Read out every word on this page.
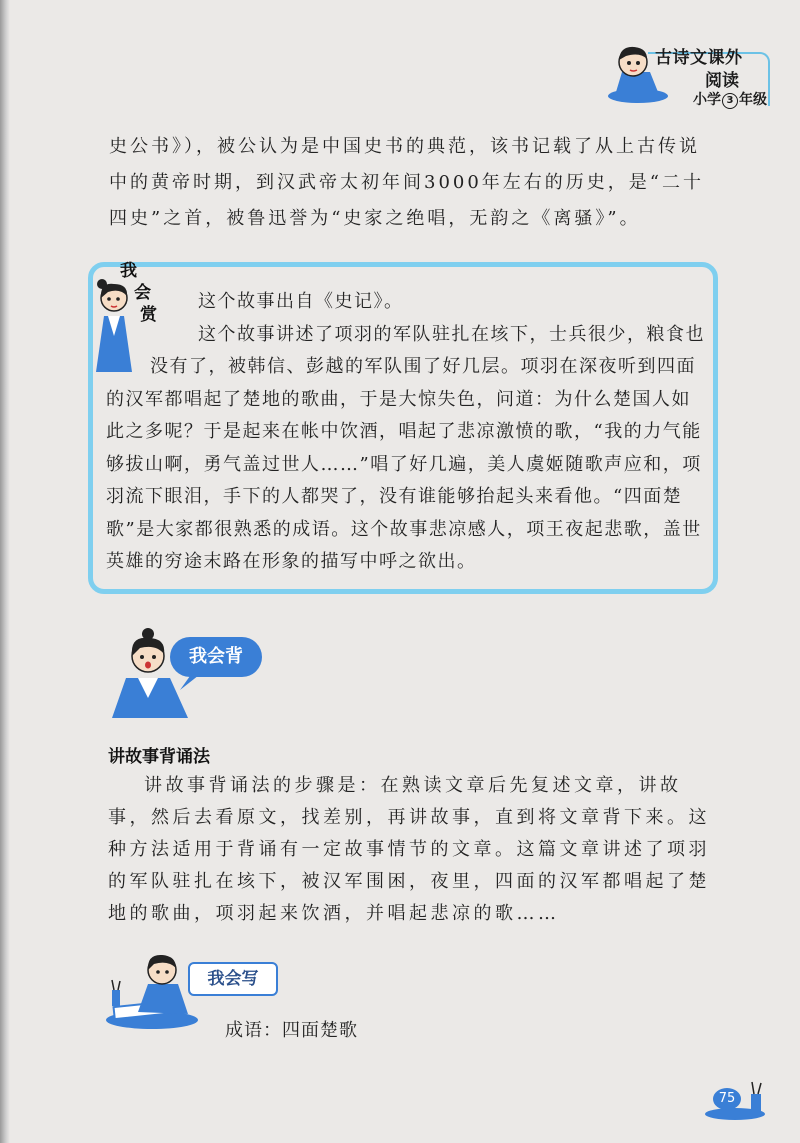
古诗文课外
阅读
小学 3 年级

史公书》），被公认为是中国史书的典范，该书记载了从上古传说中的黄帝时期，到汉武帝太初年间3000年左右的历史，是“二十四史”之首，被鲁迅誉为“史家之绝唱，无韵之《离骚》”。

我
会
赏

这个故事出自《史记》。

这个故事讲述了项羽的军队驻扎在垓下，士兵很少，粮食也

没有了，被韩信、彭越的军队围了好几层。项羽在深夜听到四面

的汉军都唱起了楚地的歌曲，于是大惊失色，问道：为什么楚国人如此之多呢？于是起来在帐中饮酒，唱起了悲凉激愤的歌，“我的力气能够拔山啊，勇气盖过世人……”唱了好几遍，美人虞姬随歌声应和，项羽流下眼泪，手下的人都哭了，没有谁能够抬起头来看他。“四面楚歌”是大家都很熟悉的成语。这个故事悲凉感人，项王夜起悲歌，盖世英雄的穷途末路在形象的描写中呼之欲出。

我会背
讲故事背诵法

讲故事背诵法的步骤是：在熟读文章后先复述文章，讲故事，然后去看原文，找差别，再讲故事，直到将文章背下来。这种方法适用于背诵有一定故事情节的文章。这篇文章讲述了项羽的军队驻扎在垓下，被汉军围困，夜里，四面的汉军都唱起了楚地的歌曲，项羽起来饮酒，并唱起悲凉的歌……

我会写
成语：四面楚歌
75
